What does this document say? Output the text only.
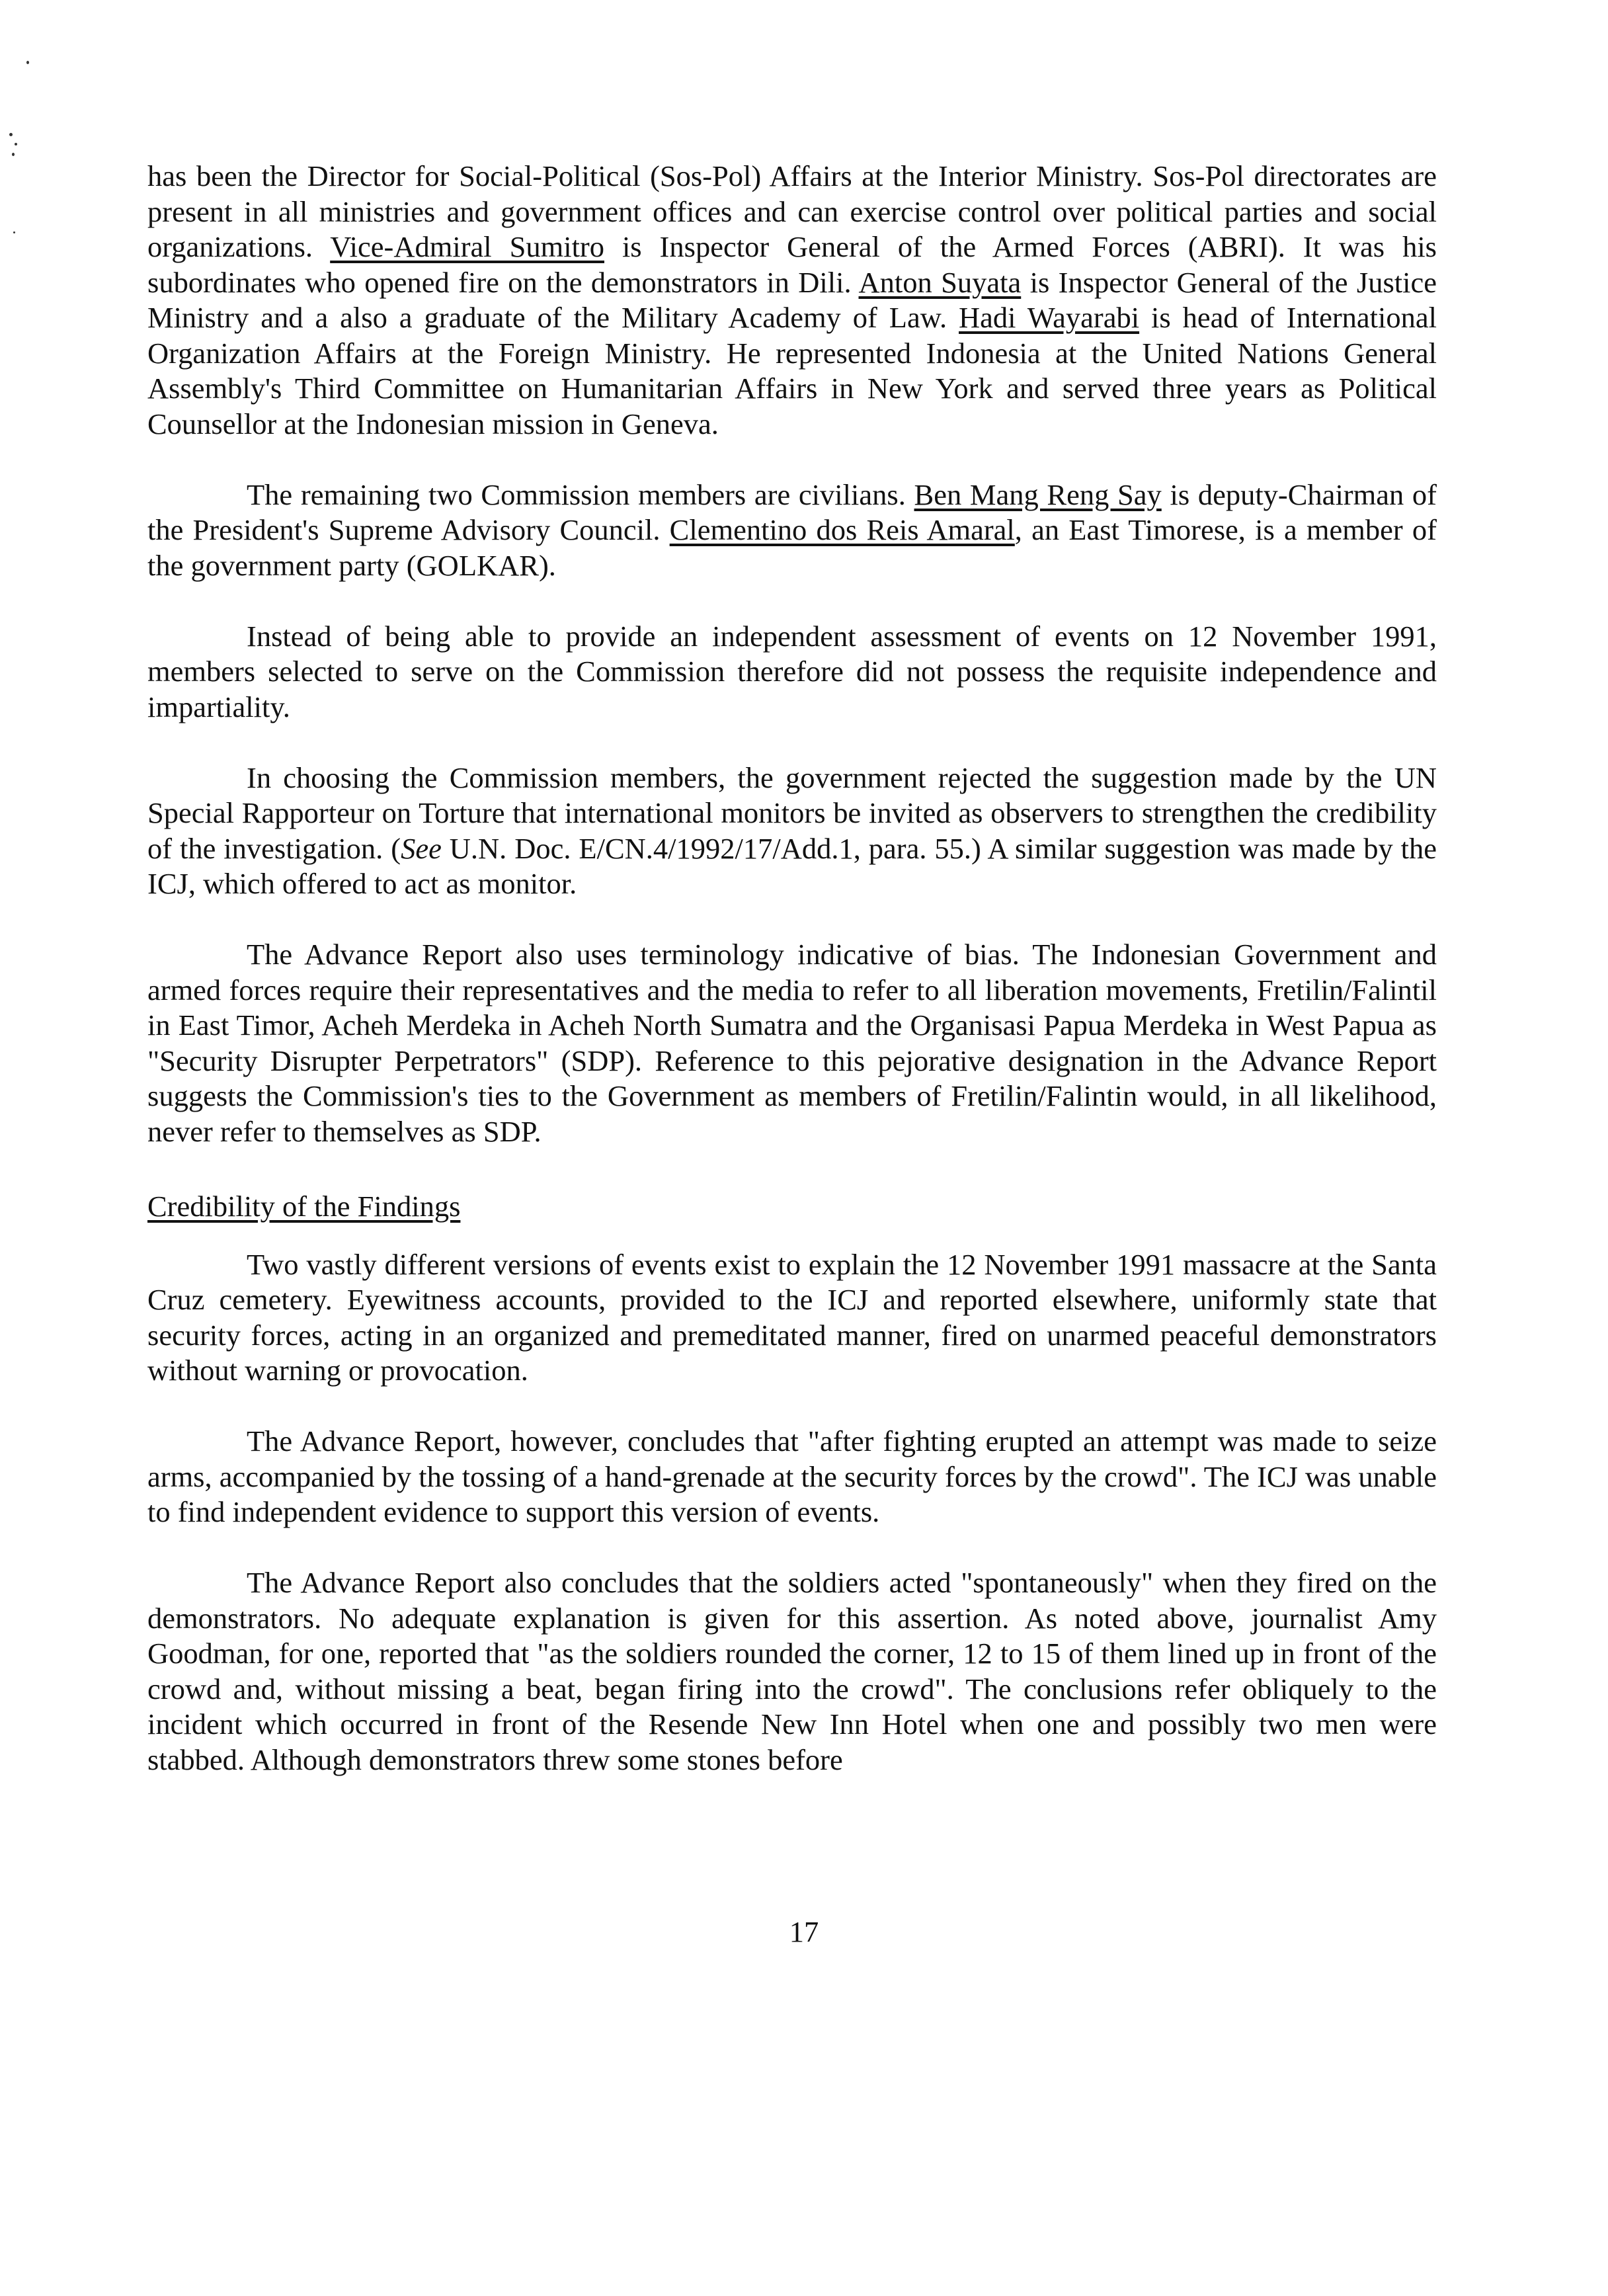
has been the Director for Social-Political (Sos-Pol) Affairs at the Interior Ministry. Sos-Pol directorates are present in all ministries and government offices and can exercise control over political parties and social organizations. Vice-Admiral Sumitro is Inspector General of the Armed Forces (ABRI). It was his subordinates who opened fire on the demonstrators in Dili. Anton Suyata is Inspector General of the Justice Ministry and a also a graduate of the Military Academy of Law. Hadi Wayarabi is head of International Organization Affairs at the Foreign Ministry. He represented Indonesia at the United Nations General Assembly's Third Committee on Humanitarian Affairs in New York and served three years as Political Counsellor at the Indonesian mission in Geneva.

The remaining two Commission members are civilians. Ben Mang Reng Say is deputy-Chairman of the President's Supreme Advisory Council. Clementino dos Reis Amaral, an East Timorese, is a member of the government party (GOLKAR).

Instead of being able to provide an independent assessment of events on 12 November 1991, members selected to serve on the Commission therefore did not possess the requisite independence and impartiality.

In choosing the Commission members, the government rejected the suggestion made by the UN Special Rapporteur on Torture that international monitors be invited as observers to strengthen the credibility of the investigation. (See U.N. Doc. E/CN.4/1992/17/Add.1, para. 55.) A similar suggestion was made by the ICJ, which offered to act as monitor.

The Advance Report also uses terminology indicative of bias. The Indonesian Government and armed forces require their representatives and the media to refer to all liberation movements, Fretilin/Falintil in East Timor, Acheh Merdeka in Acheh North Sumatra and the Organisasi Papua Merdeka in West Papua as "Security Disrupter Perpetrators" (SDP). Reference to this pejorative designation in the Advance Report suggests the Commission's ties to the Government as members of Fretilin/Falintin would, in all likelihood, never refer to themselves as SDP.

Credibility of the Findings

Two vastly different versions of events exist to explain the 12 November 1991 massacre at the Santa Cruz cemetery. Eyewitness accounts, provided to the ICJ and reported elsewhere, uniformly state that security forces, acting in an organized and premeditated manner, fired on unarmed peaceful demonstrators without warning or provocation.

The Advance Report, however, concludes that "after fighting erupted an attempt was made to seize arms, accompanied by the tossing of a hand-grenade at the security forces by the crowd". The ICJ was unable to find independent evidence to support this version of events.

The Advance Report also concludes that the soldiers acted "spontaneously" when they fired on the demonstrators. No adequate explanation is given for this assertion. As noted above, journalist Amy Goodman, for one, reported that "as the soldiers rounded the corner, 12 to 15 of them lined up in front of the crowd and, without missing a beat, began firing into the crowd". The conclusions refer obliquely to the incident which occurred in front of the Resende New Inn Hotel when one and possibly two men were stabbed. Although demonstrators threw some stones before

17
